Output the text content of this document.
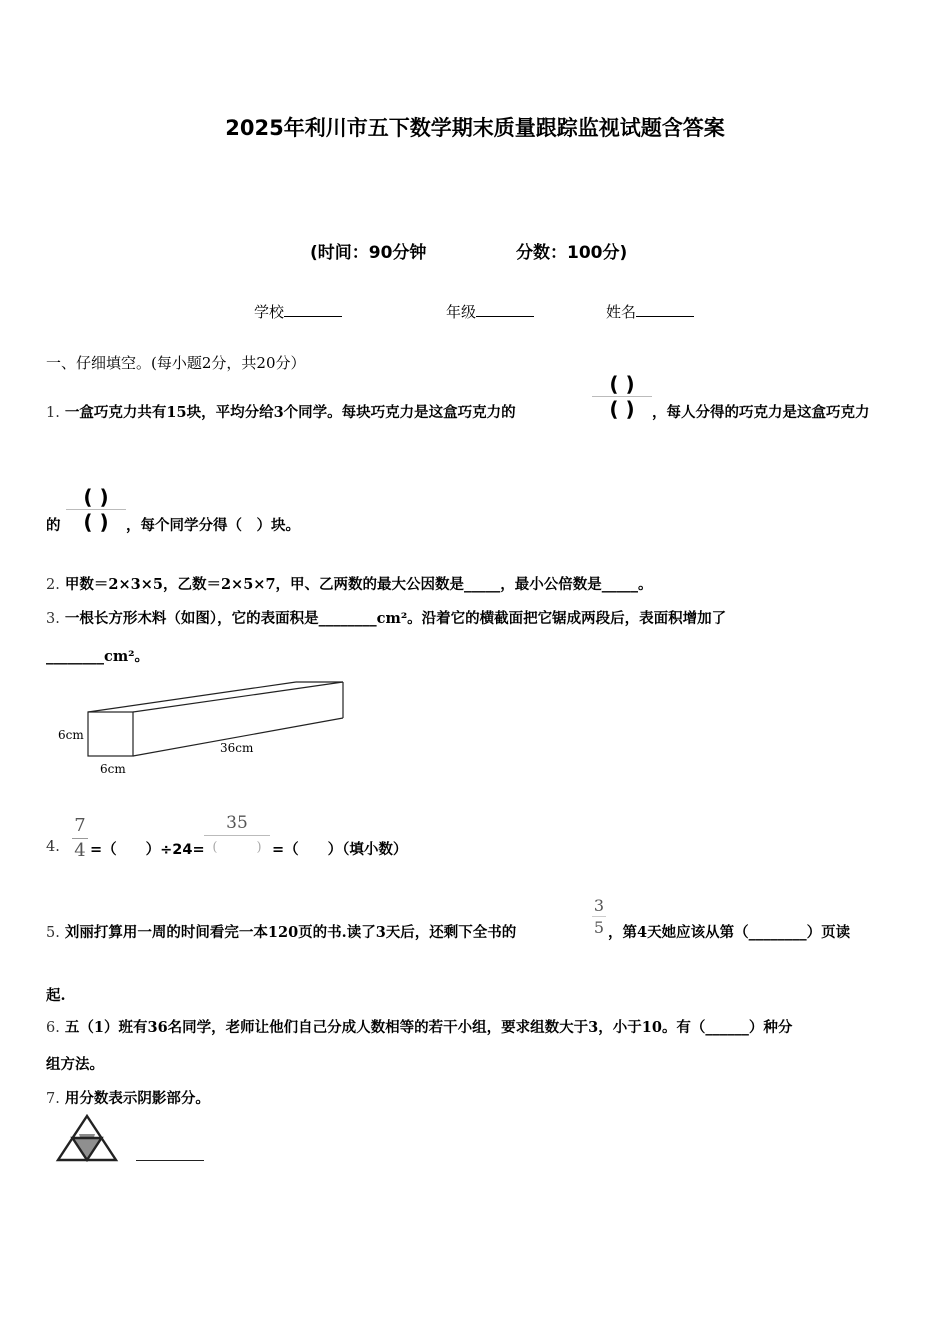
2025年利川市五下数学期末质量跟踪监视试题含答案
(时间：90分钟	分数：100分)
学校	年级	姓名
一、仔细填空。(每小题2分，共20分）
1. 一盒巧克力共有15块，平均分给3个同学。每块巧克力是这盒巧克力的
( )
( )	，每人分得的巧克力是这盒巧克力
的
( )
( )	，每个同学分得（　）块。
2. 甲数＝2×3×5，乙数＝2×5×7，甲、乙两数的最大公因数是_____，最小公倍数是_____。
3. 一根长方形木料（如图），它的表面积是________cm²。沿着它的横截面把它锯成两段后，表面积增加了
________cm²。
6cm
6cm
36cm
4. $\frac{7}{4}$ =（　　）÷24=
35
(　　　) =（　　）（填小数）
5. 刘丽打算用一周的时间看完一本120页的书.读了3天后，还剩下全书的	$\frac{3}{5}$ ，第4天她应该从第（________）页读
起.
6. 五（1）班有36名同学，老师让他们自己分成人数相等的若干小组，要求组数大于3，小于10。有（______）种分
组方法。
7. 用分数表示阴影部分。
